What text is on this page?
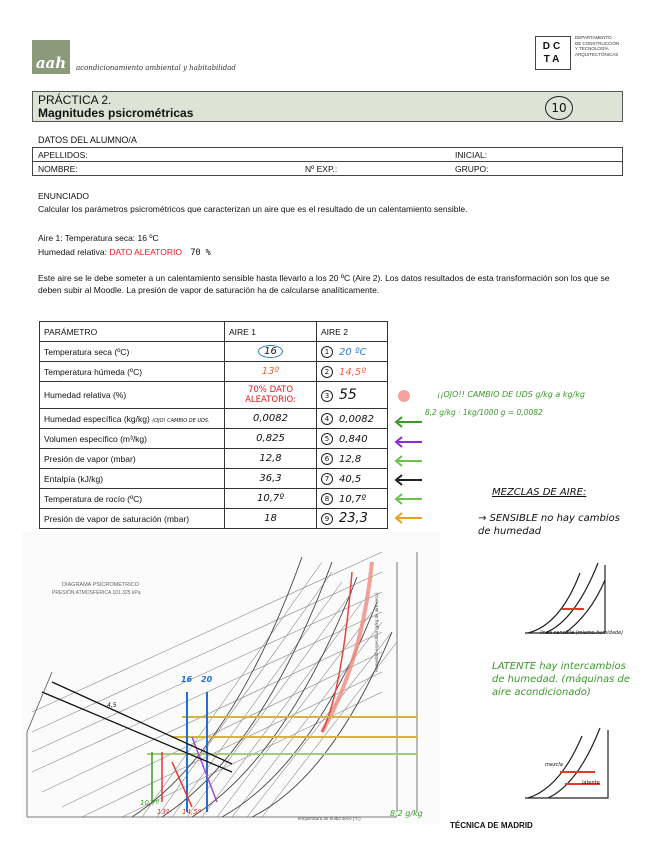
aah	acondicionamiento ambiental y habitabilidad
DC TA
DEPARTAMENTO
DE CONSTRUCCIÓN
Y TECNOLOGÍA
ARQUITECTÓNICAS
PRÁCTICA 2.
Magnitudes psicrométricas	10
DATOS DEL ALUMNO/A
APELLIDOS:	INICIAL:
NOMBRE:	Nº EXP.:	GRUPO:
ENUNCIADO
Calcular los parámetros psicrométricos que caracterizan un aire que es el resultado de un calentamiento sensible.
Aire 1: Temperatura seca: 16 ºC
Humedad relativa: DATO ALEATORIO 70 %
Este aire se le debe someter a un calentamiento sensible hasta llevarlo a los 20 ºC (Aire 2). Los datos resultados de esta transformación son los que se deben subir al Moodle. La presión de vapor de saturación ha de calcularse analíticamente.
PARÁMETRO	AIRE 1	AIRE 2
Temperatura seca (ºC)	16	1 20 ºC
Temperatura húmeda (ºC)	13º	2 14,5º
Humedad relativa (%)	70% DATO ALEATORIO:	3 55
Humedad específica (kg/kg) (OJO! CAMBIO DE UDS.	0,0082	4 0,0082
Volumen específico (m³/kg)	0,825	5 0,840
Presión de vapor (mbar)	12,8	6 12,8
Entalpía (kJ/kg)	36,3	7 40,5
Temperatura de rocío (ºC)	10,7º	8 10,7º
Presión de vapor de saturación (mbar)	18	9 23,3
¡¡OJO!! CAMBIO DE UDS g/kg a kg/kg
8,2 g/kg · 1kg/1000 g = 0,0082
MEZCLAS DE AIRE:
→ SENSIBLE no hay cambios de humedad
línea sensible (mismo humidade)
LATENTE hay intercambios de humedad. (máquinas de aire acondicionado)
mezcla
latente
DIAGRAMA PSICROMÉTRICO
PRESIÓN ATMOSFÉRICA 101.325 kPa
Temperatura de bulbo seco (ºC)
Humedad específica (g/kg de aire seco)
16 20
10,7º
13º 14,5º
4,5
8,2 g/kg
TÉCNICA DE MADRID
